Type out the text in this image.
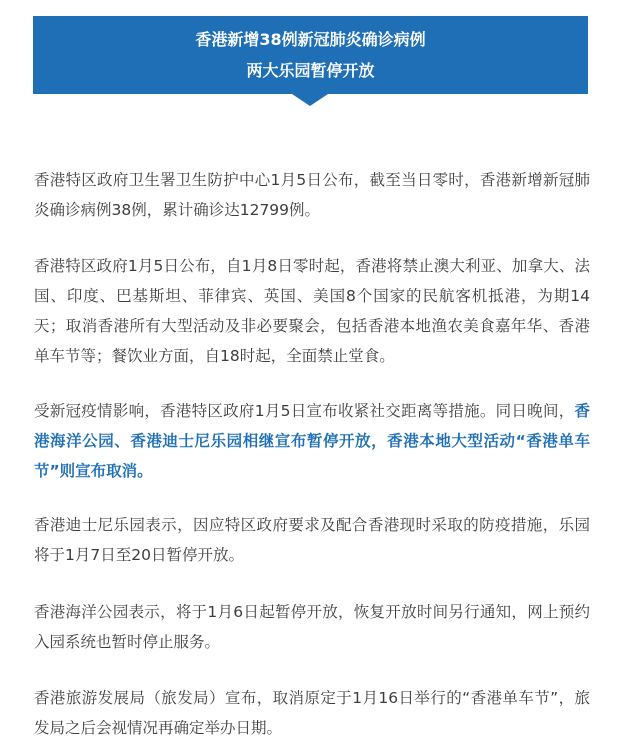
香港新增38例新冠肺炎确诊病例
两大乐园暂停开放

香港特区政府卫生署卫生防护中心1月5日公布，截至当日零时，香港新增新冠肺炎确诊病例38例，累计确诊达12799例。

香港特区政府1月5日公布，自1月8日零时起，香港将禁止澳大利亚、加拿大、法国、印度、巴基斯坦、菲律宾、英国、美国8个国家的民航客机抵港，为期14天；取消香港所有大型活动及非必要聚会，包括香港本地渔农美食嘉年华、香港单车节等；餐饮业方面，自18时起，全面禁止堂食。

受新冠疫情影响，香港特区政府1月5日宣布收紧社交距离等措施。同日晚间，香港海洋公园、香港迪士尼乐园相继宣布暂停开放，香港本地大型活动“香港单车节”则宣布取消。

香港迪士尼乐园表示，因应特区政府要求及配合香港现时采取的防疫措施，乐园将于1月7日至20日暂停开放。

香港海洋公园表示，将于1月6日起暂停开放，恢复开放时间另行通知，网上预约入园系统也暂时停止服务。

香港旅游发展局（旅发局）宣布，取消原定于1月16日举行的“香港单车节”，旅发局之后会视情况再确定举办日期。
